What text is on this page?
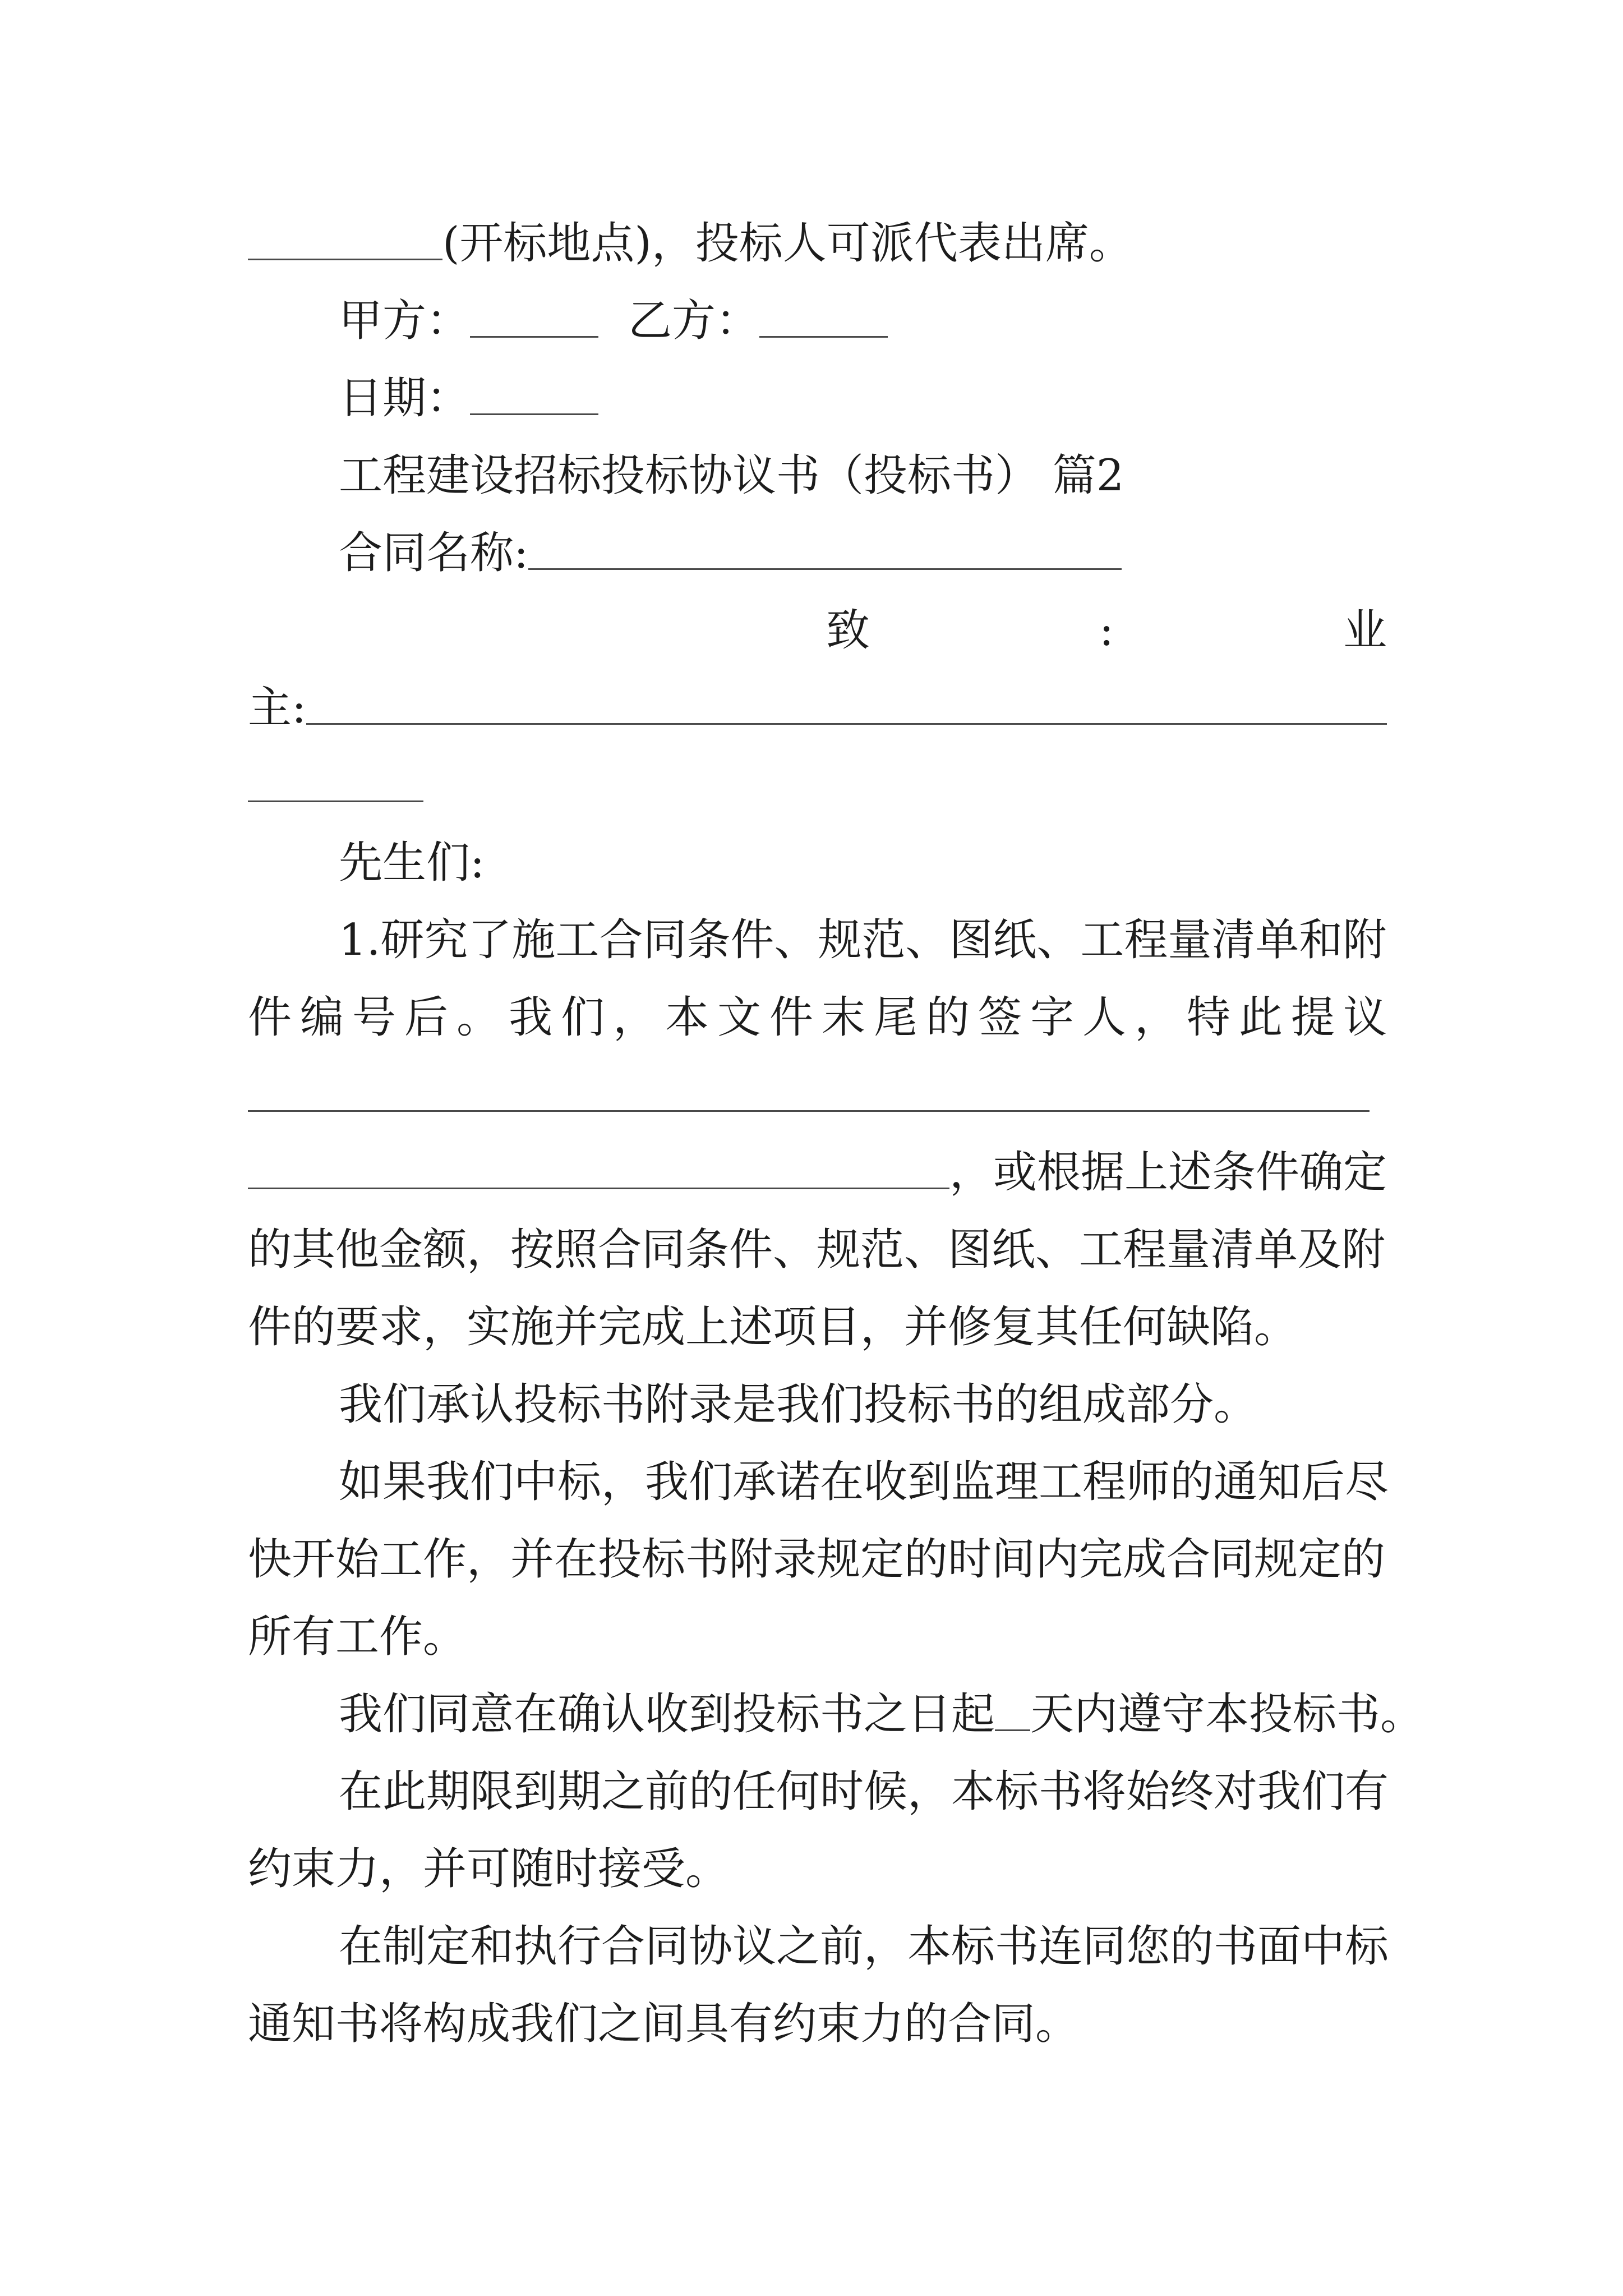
(开标地点)，投标人可派代表出席。
甲方：	乙方：
日期：
工程建设招标投标协议书（投标书） 篇2
合同名称:
致	:	业
主:
先生们:
1.研究了施工合同条件、规范、图纸、工程量清单和附
件编号后。我们，本文件末尾的签字人，特此提议
，或根据上述条件确定
的其他金额，按照合同条件、规范、图纸、工程量清单及附
件的要求，实施并完成上述项目，并修复其任何缺陷。
我们承认投标书附录是我们投标书的组成部分。
如果我们中标，我们承诺在收到监理工程师的通知后尽
快开始工作，并在投标书附录规定的时间内完成合同规定的
所有工作。
我们同意在确认收到投标书之日起 天内遵守本投标书。
在此期限到期之前的任何时候，本标书将始终对我们有
约束力，并可随时接受。
在制定和执行合同协议之前，本标书连同您的书面中标
通知书将构成我们之间具有约束力的合同。
